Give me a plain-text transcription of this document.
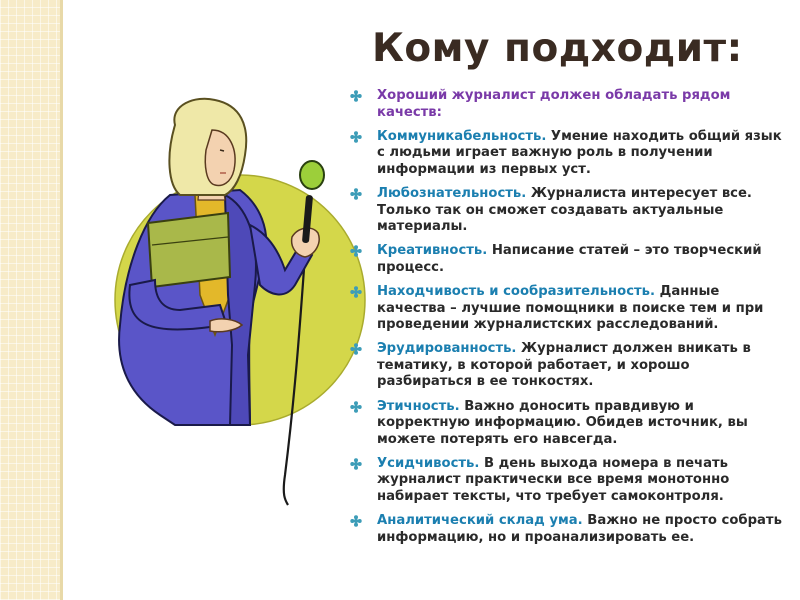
Кому подходит:
Хороший журналист должен обладать рядом качеств:
Коммуникабельность. Умение находить общий язык с людьми играет важную роль в получении информации из первых уст.
Любознательность. Журналиста интересует все. Только так он сможет создавать актуальные материалы.
Креативность. Написание статей – это творческий процесс.
Находчивость и сообразительность. Данные качества – лучшие помощники в поиске тем и при проведении журналистских расследований.
Эрудированность. Журналист должен вникать в тематику, в которой работает, и хорошо разбираться в ее тонкостях.
Этичность. Важно доносить правдивую и корректную информацию. Обидев источник, вы можете потерять его навсегда.
Усидчивость. В день выхода номера в печать журналист практически все время монотонно набирает тексты, что требует самоконтроля.
Аналитический склад ума. Важно не просто собрать информацию, но и проанализировать ее.
